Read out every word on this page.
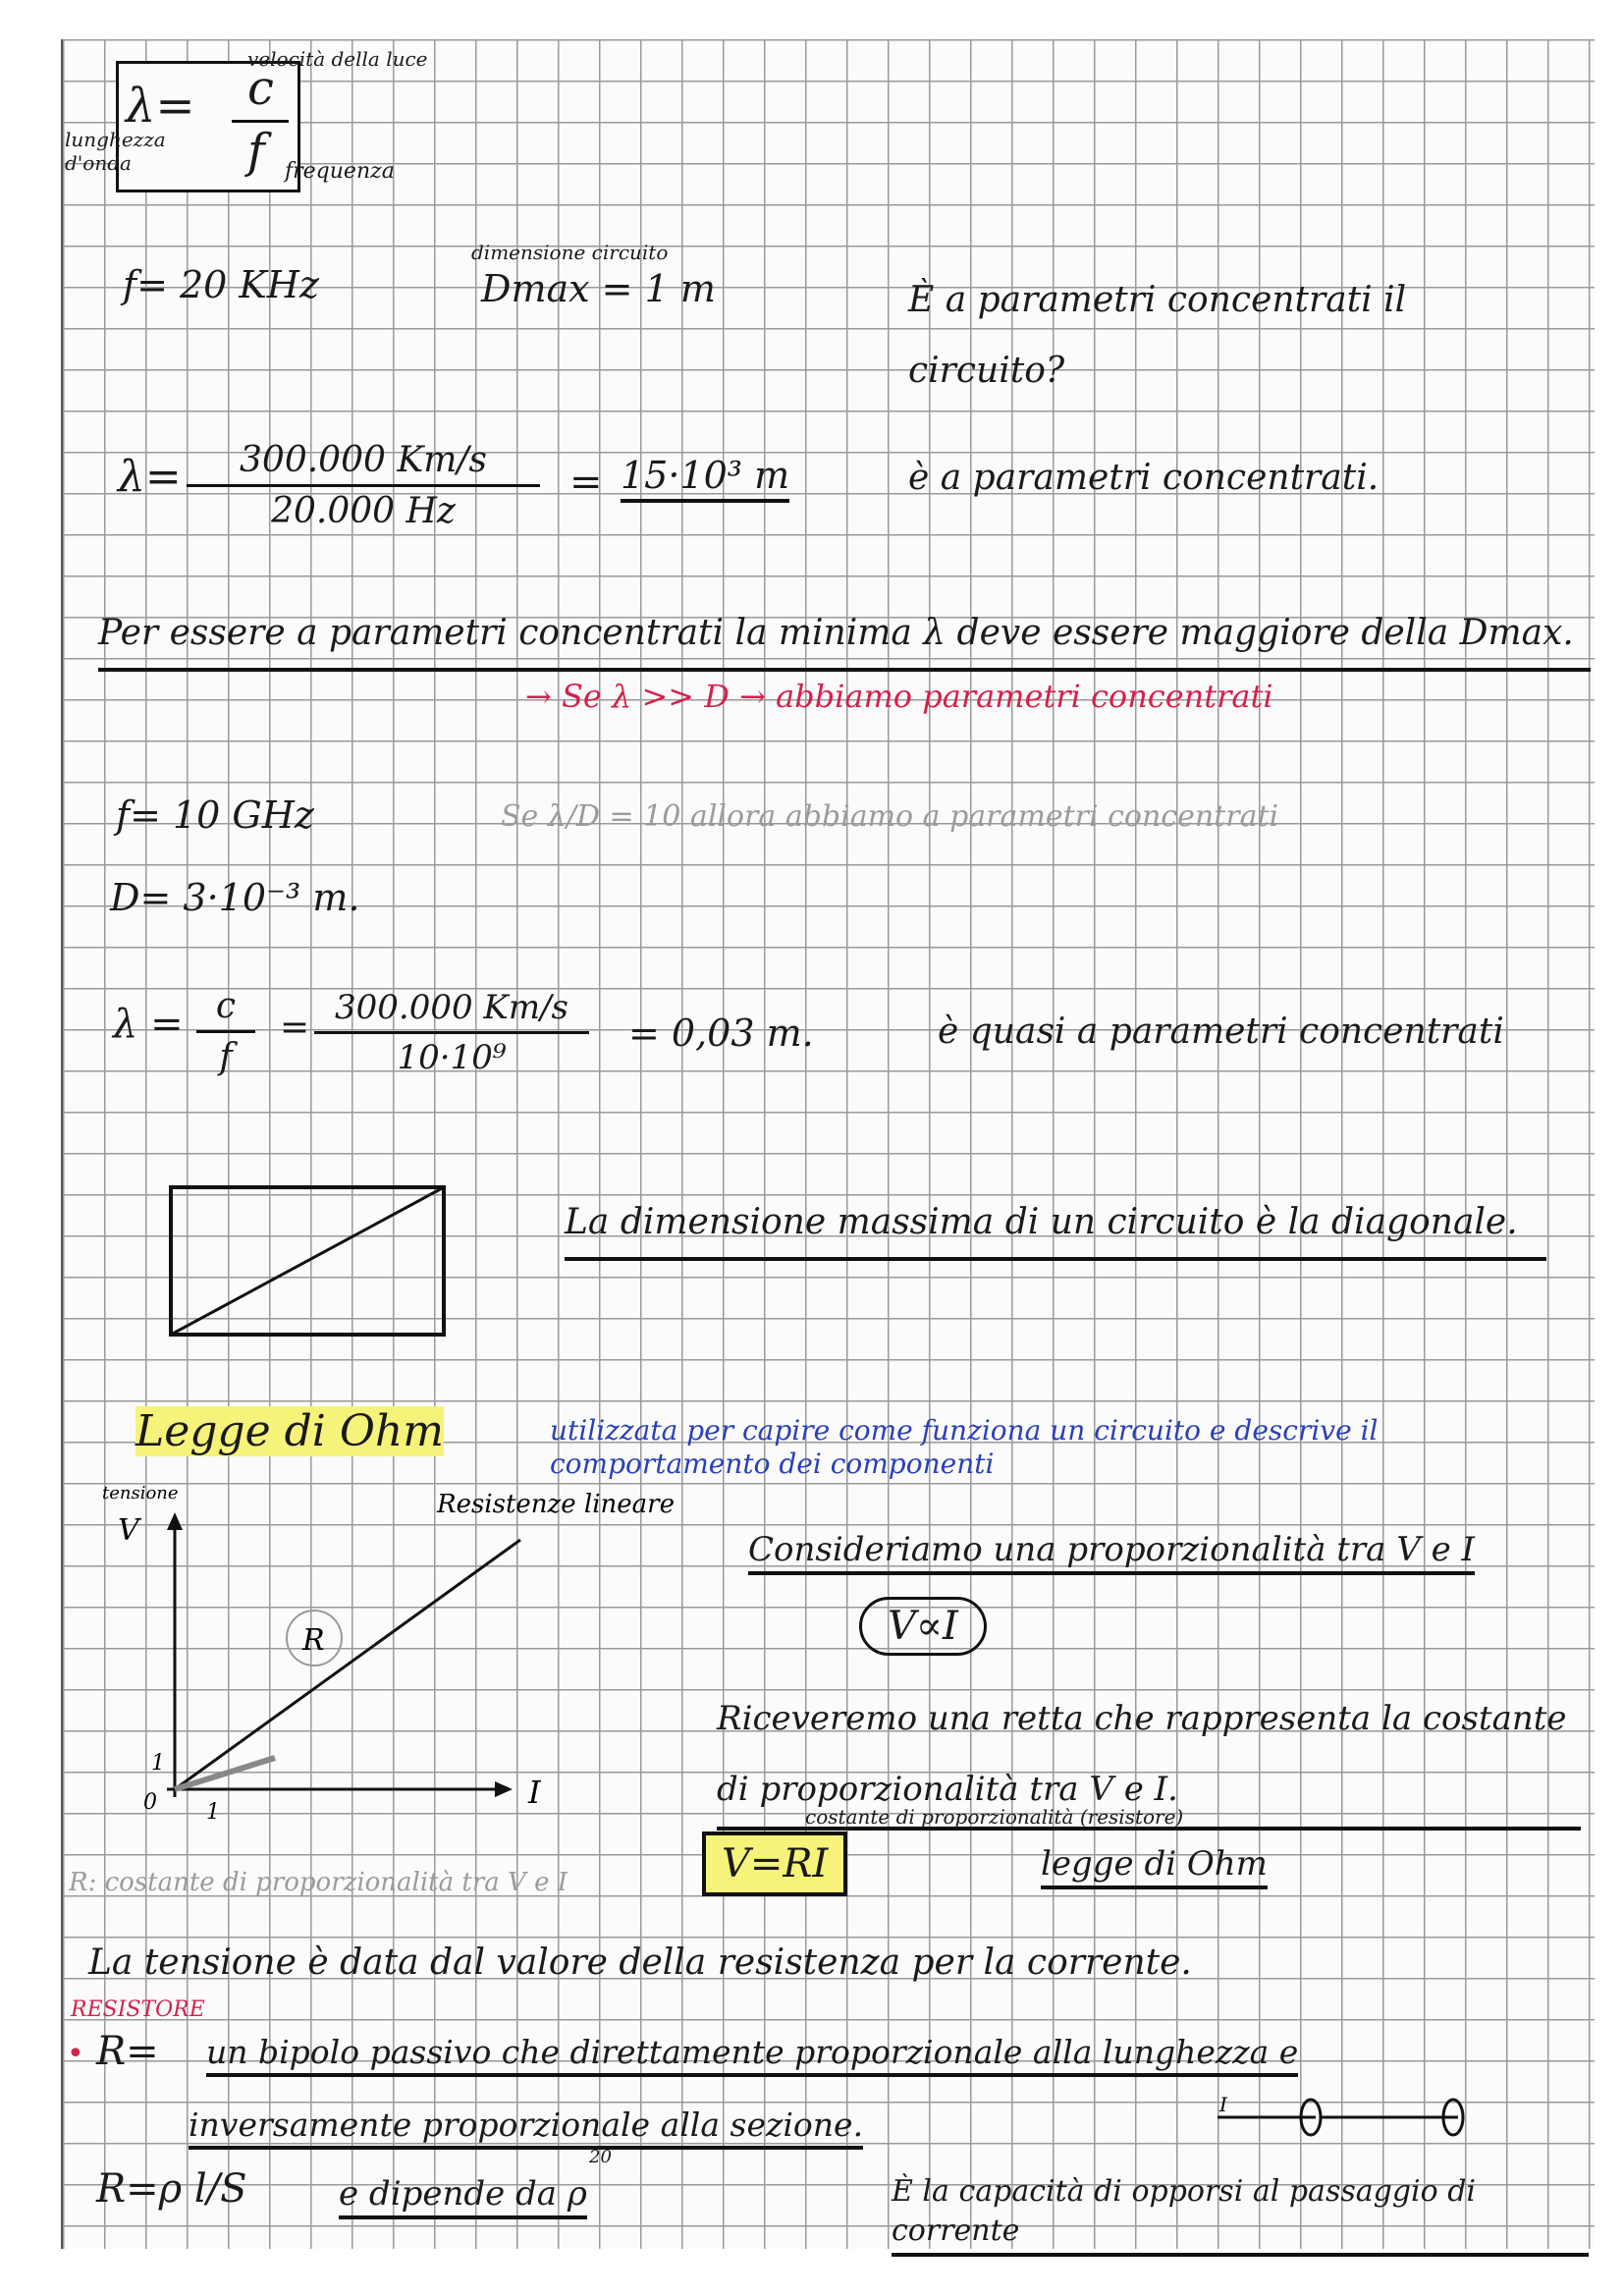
λ= c
f
velocità della luce
lunghezza d'onda	frequenza
f= 20 KHz
dimensione circuito
Dmax = 1 m	È a parametri concentrati il circuito?
λ=	300.000 Km/s
20.000 Hz
= 15·10³ m	è a parametri concentrati.
Per essere a parametri concentrati la minima λ deve essere maggiore della Dmax.
→ Se λ >> D → abbiamo parametri concentrati
f= 10 GHz
D= 3·10⁻³ m.
Se λ/D = 10 allora abbiamo a parametri concentrati
λ = c
f
= 300.000 Km/s
10·10⁹
= 0,03 m.	è quasi a parametri concentrati
La dimensione massima di un circuito è la diagonale.
Legge di Ohm	utilizzata per capire come funziona un circuito e descrive il comportamento dei componenti
tensione
V
I
R
1
0 1
Resistenze lineare
Consideriamo una proporzionalità tra V e I
V∝I
Riceveremo una retta che rappresenta la costante di proporzionalità tra V e I.
costante di proporzionalità (resistore)
V=RI	legge di Ohm
R: costante di proporzionalità tra V e I
La tensione è data dal valore della resistenza per la corrente.
RESISTORE
• R= un bipolo passivo che direttamente proporzionale alla lunghezza e
inversamente proporzionale alla sezione.
I
R=ρ l/S	e dipende da ρ
20
È la capacità di opporsi al passaggio di corrente
